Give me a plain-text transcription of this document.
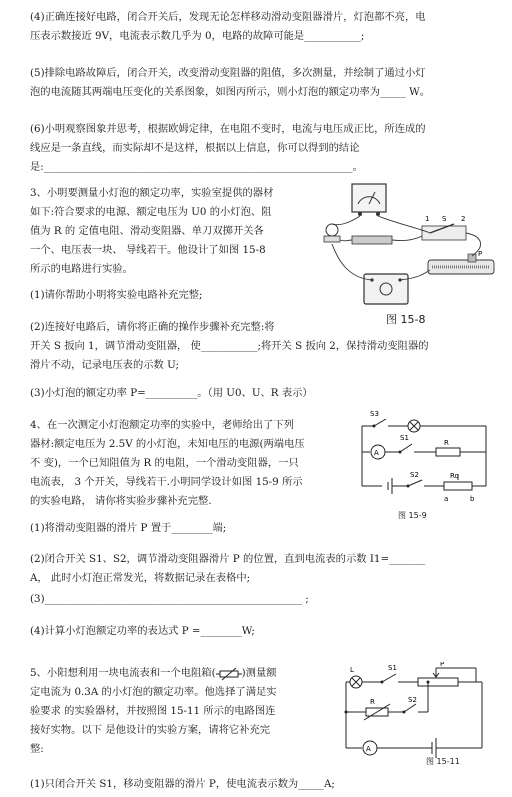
(4)正确连接好电路，闭合开关后，发现无论怎样移动滑动变阻器滑片，灯泡都不亮，电
压表示数接近 9V，电流表示数几乎为 0，电路的故障可能是___________;
(5)排除电路故障后，闭合开关，改变滑动变阻器的阻值，多次测量，并绘制了通过小灯
泡的电流随其两端电压变化的关系图象，如图丙所示，则小灯泡的额定功率为_____ W。
(6)小明观察图象并思考，根据欧姆定律，在电阻不变时，电流与电压成正比，所连成的
线应是一条直线，而实际却不是这样，根据以上信息，你可以得到的结论
是:____________________________________________________________。
3、小明要测量小灯泡的额定功率，实验室提供的器材
如下:符合要求的电源、额定电压为 U0 的小灯泡、阻
值为 R 的 定值电阻、滑动变阻器、单刀双掷开关各
一个、电压表一块、 导线若干。他设计了如图 15-8
所示的电路进行实验。
1 S 2
P
图 15-8
(1)请你帮助小明将实验电路补充完整;
(2)连接好电路后，请你将正确的操作步骤补充完整:将
开关 S 扳向 1，调节滑动变阻器， 使___________;将开关 S 扳向 2，保持滑动变阻器的
滑片不动，记录电压表的示数 U;
(3)小灯泡的额定功率 P=__________。（用 U0、U、R 表示）
4、在一次测定小灯泡额定功率的实验中，老师给出了下列
器材:额定电压为 2.5V 的小灯泡，未知电压的电源(两端电压
不 变)，一个已知阻值为 R 的电阻，一个滑动变阻器，一只
电流表， 3 个开关，导线若干.小明同学设计如图 15-9 所示
的实验电路， 请你将实验步骤补充完整.
S3
S1
S2
R
Ro
A
a	b
图 15-9
(1)将滑动变阻器的滑片 P 置于________端;
(2)闭合开关 S1、S2，调节滑动变阻器滑片 P 的位置，直到电流表的示数 I1=_______
A， 此时小灯泡正常发光，将数据记录在表格中;
(3)__________________________________________________ ;
(4)计算小灯泡额定功率的表达式 P =________W;
5、小阳想利用一块电流表和一个电阻箱(	)测量额
定电流为 0.3A 的小灯泡的额定功率。他选择了满足实
验要求 的实验器材，并按照图 15-11 所示的电路图连
接好实物。以下 是他设计的实验方案，请将它补充完
整:
L	S1	P
R	S2
A
图 15-11
(1)只闭合开关 S1，移动变阻器的滑片 P，使电流表示数为_____A;
